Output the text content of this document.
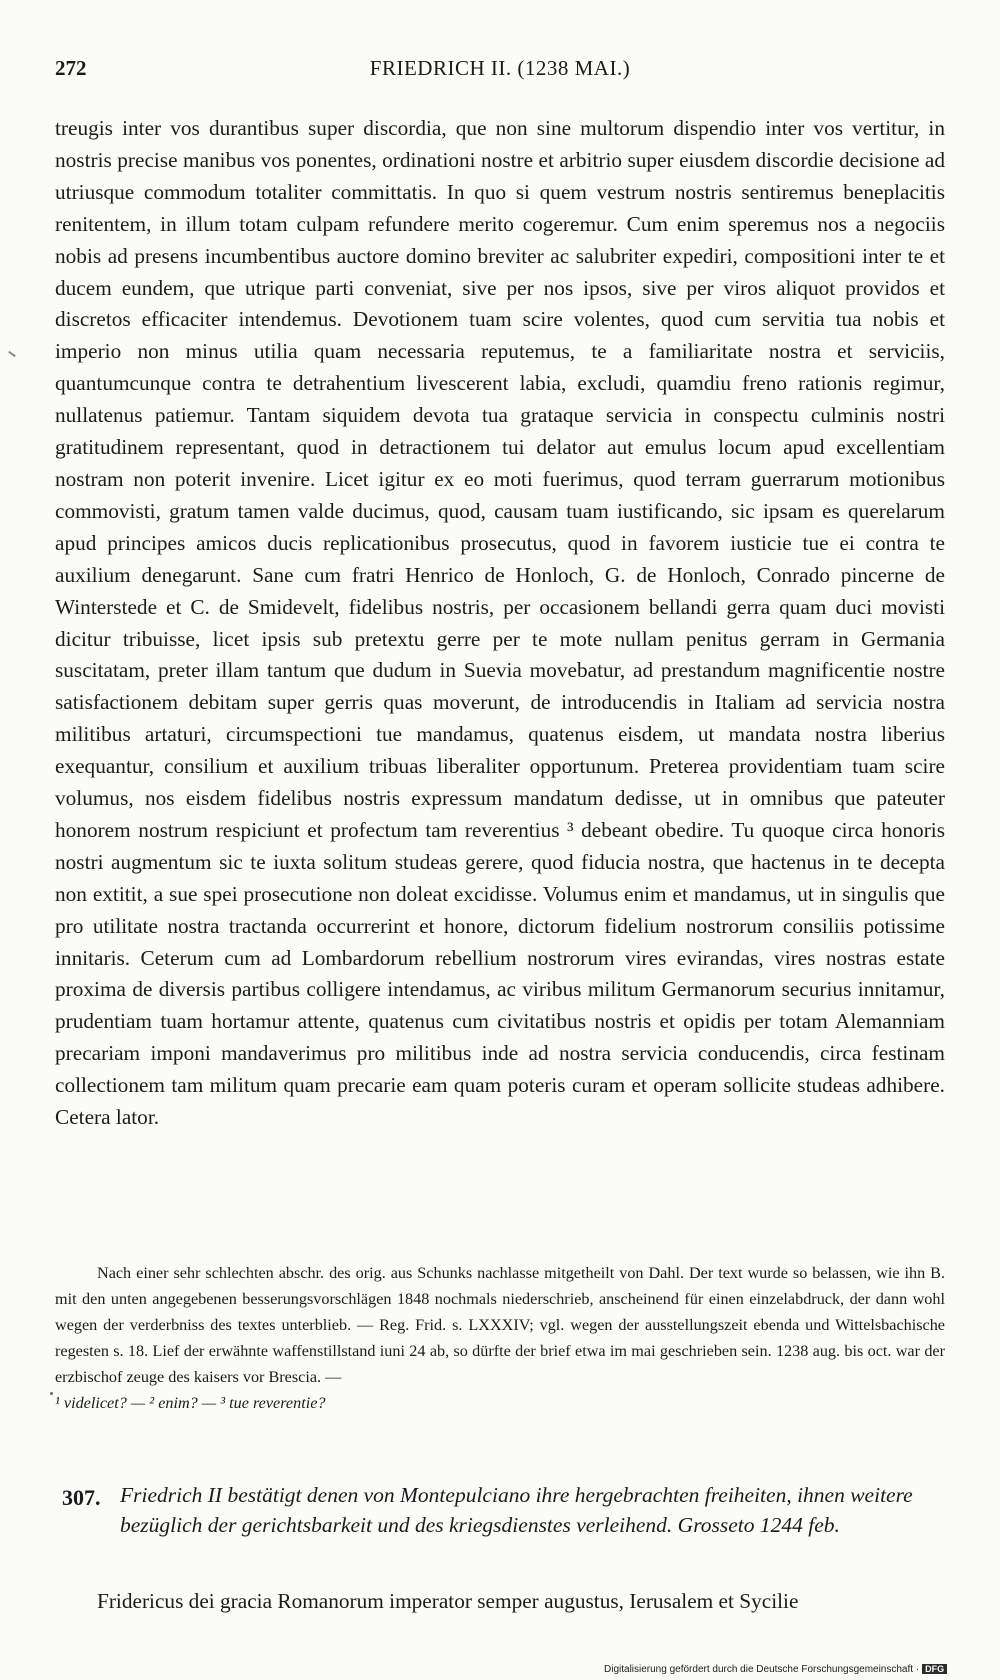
272	FRIEDRICH II. (1238 MAI.)
treugis inter vos durantibus super discordia, que non sine multorum dispendio inter vos vertitur, in nostris precise manibus vos ponentes, ordinationi nostre et arbitrio super eiusdem discordie decisione ad utriusque commodum totaliter committatis. In quo si quem vestrum nostris sentiremus beneplacitis renitentem, in illum totam culpam refundere merito cogeremur. Cum enim speremus nos a negociis nobis ad presens incumbentibus auctore domino breviter ac salubriter expediri, compositioni inter te et ducem eundem, que utrique parti conveniat, sive per nos ipsos, sive per viros aliquot providos et discretos efficaciter intendemus. Devotionem tuam scire volentes, quod cum servitia tua nobis et imperio non minus utilia quam necessaria reputemus, te a familiaritate nostra et serviciis, quantumcunque contra te detrahentium livescerent labia, excludi, quamdiu freno rationis regimur, nullatenus patiemur. Tantam siquidem devota tua grataque servicia in conspectu culminis nostri gratitudinem representant, quod in detractionem tui delator aut emulus locum apud excellentiam nostram non poterit invenire. Licet igitur ex eo moti fuerimus, quod terram guerrarum motionibus commovisti, gratum tamen valde ducimus, quod, causam tuam iustificando, sic ipsam es querelarum apud principes amicos ducis replicationibus prosecutus, quod in favorem iusticie tue ei contra te auxilium denegarunt. Sane cum fratri Henrico de Honloch, G. de Honloch, Conrado pincerne de Winterstede et C. de Smidevelt, fidelibus nostris, per occasionem bellandi gerra quam duci movisti dicitur tribuisse, licet ipsis sub pretextu gerre per te mote nullam penitus gerram in Germania suscitatam, preter illam tantum que dudum in Suevia movebatur, ad prestandum magnificentie nostre satisfactionem debitam super gerris quas moverunt, de introducendis in Italiam ad servicia nostra militibus artaturi, circumspectioni tue mandamus, quatenus eisdem, ut mandata nostra liberius exequantur, consilium et auxilium tribuas liberaliter opportunum. Preterea providentiam tuam scire volumus, nos eisdem fidelibus nostris expressum mandatum dedisse, ut in omnibus que pateuter honorem nostrum respiciunt et profectum tam reverentius ³ debeant obedire. Tu quoque circa honoris nostri augmentum sic te iuxta solitum studeas gerere, quod fiducia nostra, que hactenus in te decepta non extitit, a sue spei prosecutione non doleat excidisse. Volumus enim et mandamus, ut in singulis que pro utilitate nostra tractanda occurrerint et honore, dictorum fidelium nostrorum consiliis potissime innitaris. Ceterum cum ad Lombardorum rebellium nostrorum vires evirandas, vires nostras estate proxima de diversis partibus colligere intendamus, ac viribus militum Germanorum securius innitamur, prudentiam tuam hortamur attente, quatenus cum civitatibus nostris et opidis per totam Alemanniam precariam imponi mandaverimus pro militibus inde ad nostra servicia conducendis, circa festinam collectionem tam militum quam precarie eam quam poteris curam et operam sollicite studeas adhibere. Cetera lator.

Nach einer sehr schlechten abschr. des orig. aus Schunks nachlasse mitgetheilt von Dahl. Der text wurde so belassen, wie ihn B. mit den unten angegebenen besserungsvorschlägen 1848 nochmals niederschrieb, anscheinend für einen einzelabdruck, der dann wohl wegen der verderbniss des textes unterblieb. — Reg. Frid. s. LXXXIV; vgl. wegen der ausstellungszeit ebenda und Wittelsbachische regesten s. 18. Lief der erwähnte waffenstillstand iuni 24 ab, so dürfte der brief etwa im mai geschrieben sein. 1238 aug. bis oct. war der erzbischof zeuge des kaisers vor Brescia. —

¹ videlicet? — ² enim? — ³ tue reverentie?

307. Friedrich II bestätigt denen von Montepulciano ihre hergebrachten freiheiten, ihnen weitere bezüglich der gerichtsbarkeit und des kriegsdienstes verleihend. Grosseto 1244 feb.
Fridericus dei gracia Romanorum imperator semper augustus, Ierusalem et Sycilie
Digitalisierung gefördert durch die Deutsche Forschungsgemeinschaft · DFG
